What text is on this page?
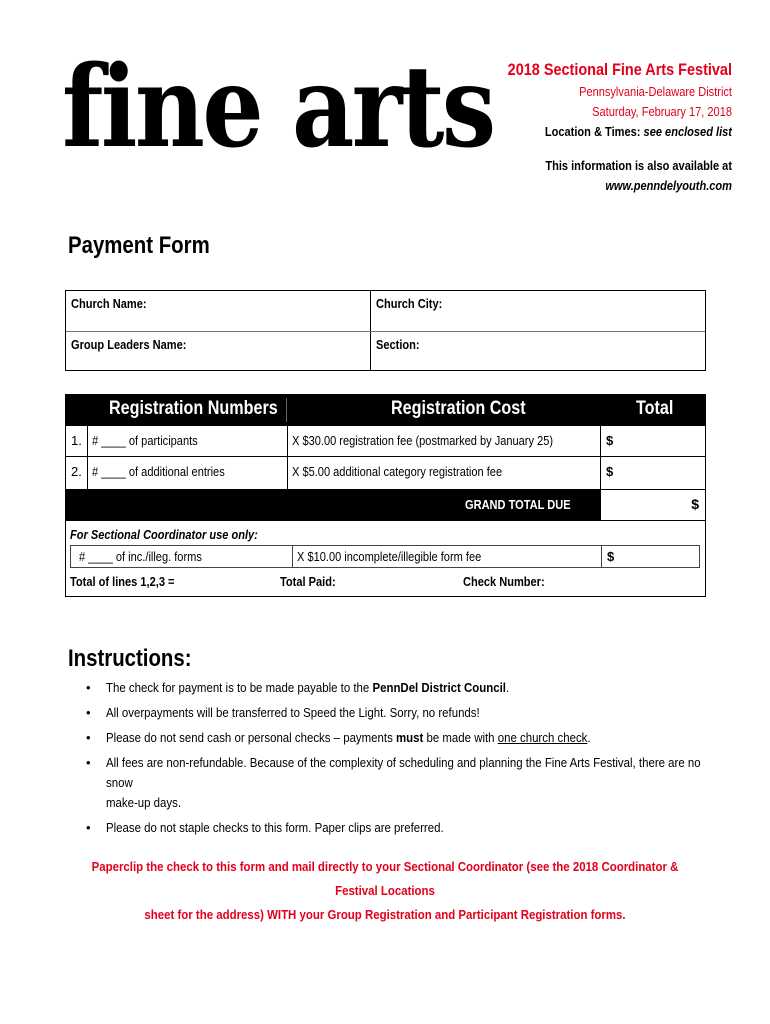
fine arts 2018 Sectional Fine Arts Festival
Pennsylvania-Delaware District
Saturday, February 17, 2018
Location & Times: see enclosed list
This information is also available at
www.penndelyouth.com
Payment Form
Church Name:	Church City:
Group Leaders Name:	Section:
Registration Numbers	Registration Cost	Total
1. # ____ of participants	X $30.00 registration fee (postmarked by January 25)	$
2. # ____ of additional entries	X $5.00 additional category registration fee	$
GRAND TOTAL DUE	$
For Sectional Coordinator use only:
# ____ of inc./illeg. forms	X $10.00 incomplete/illegible form fee	$
Total of lines 1,2,3 =	Total Paid:	Check Number:
Instructions:
• The check for payment is to be made payable to the PennDel District Council.
• All overpayments will be transferred to Speed the Light. Sorry, no refunds!
• Please do not send cash or personal checks – payments must be made with one church check.
• All fees are non-refundable. Because of the complexity of scheduling and planning the Fine Arts Festival, there are no snow
make-up days.
• Please do not staple checks to this form. Paper clips are preferred.
Paperclip the check to this form and mail directly to your Sectional Coordinator (see the 2018 Coordinator & Festival Locations
sheet for the address) WITH your Group Registration and Participant Registration forms.
